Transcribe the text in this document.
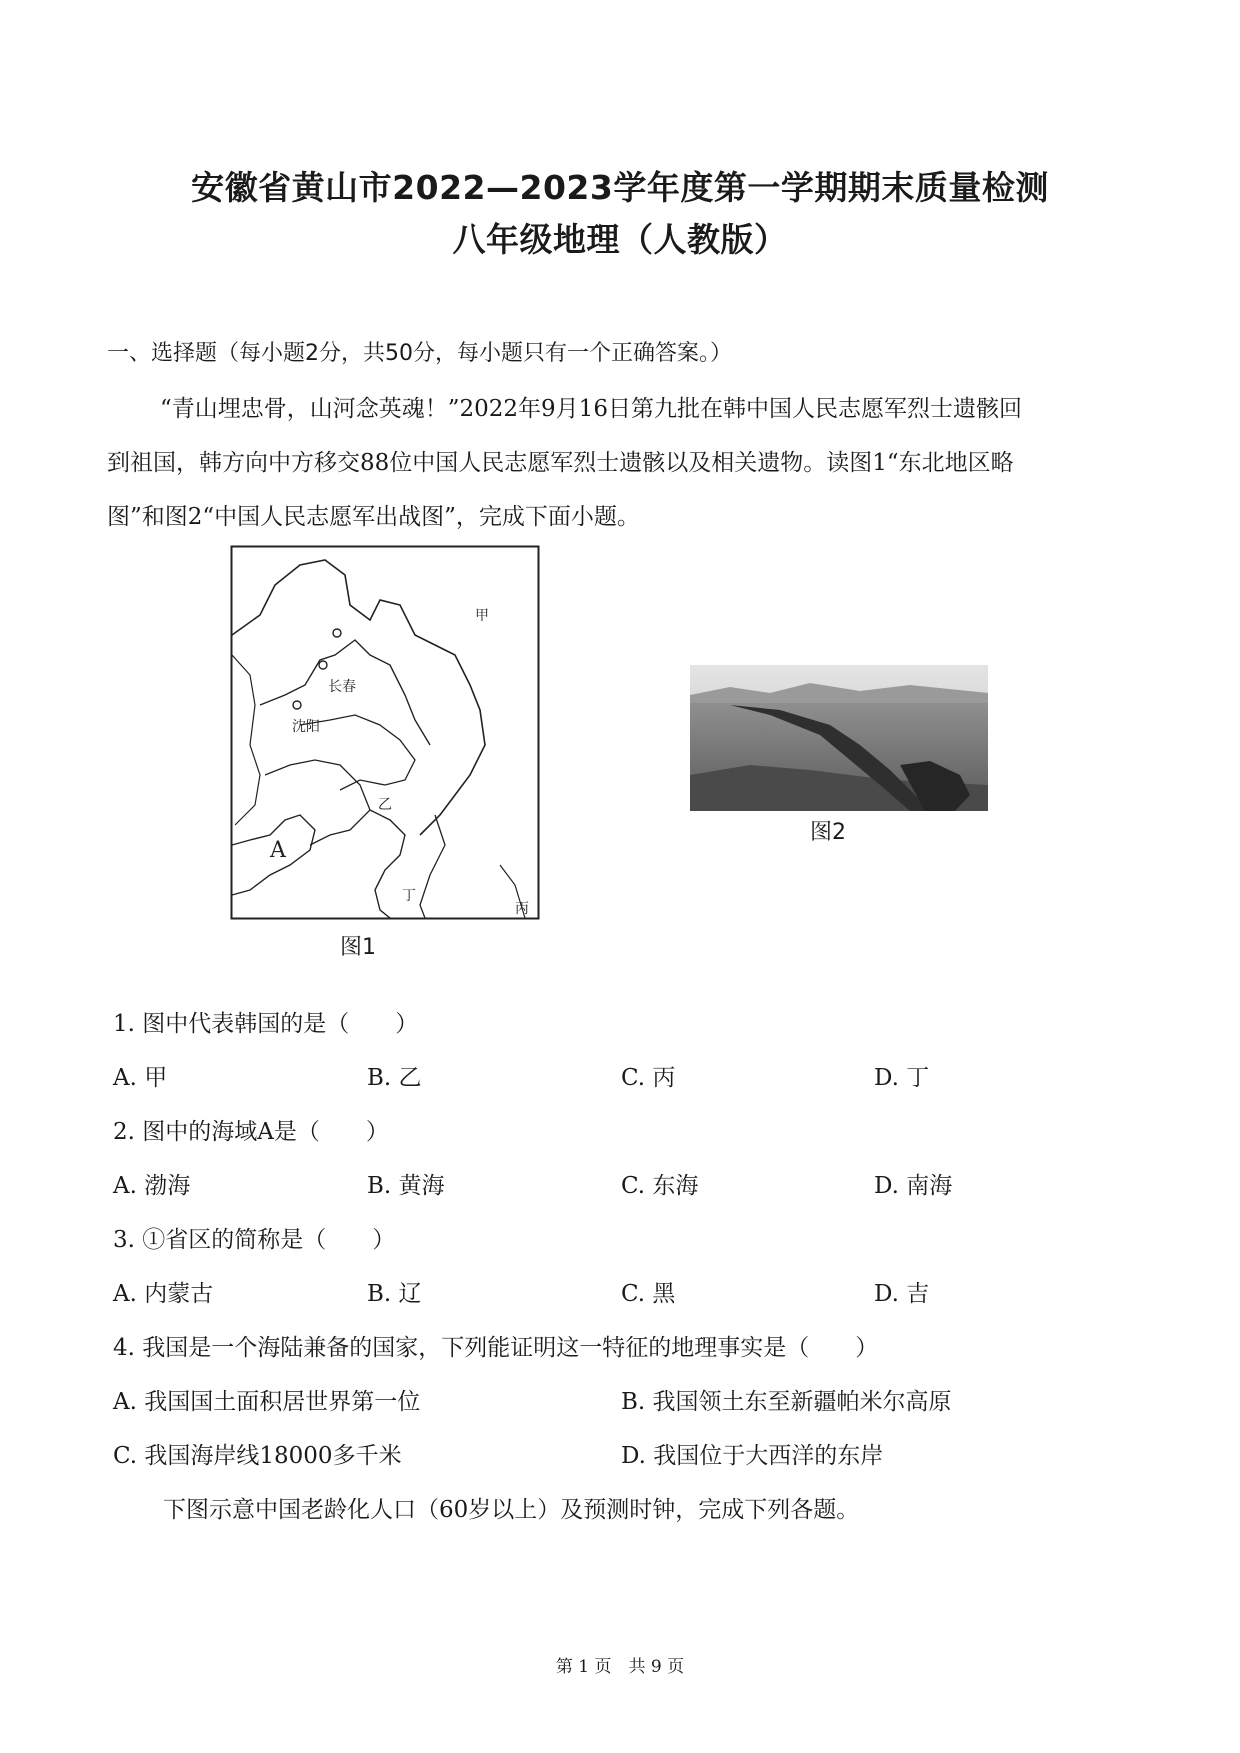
安徽省黄山市2022—2023学年度第一学期期末质量检测
八年级地理（人教版）
一、选择题（每小题2分，共50分，每小题只有一个正确答案。）
“青山埋忠骨，山河念英魂！”2022年9月16日第九批在韩中国人民志愿军烈士遗骸回
到祖国，韩方向中方移交88位中国人民志愿军烈士遗骸以及相关遗物。读图1“东北地区略
图”和图2“中国人民志愿军出战图”，完成下面小题。
甲
长春
沈阳
乙
A
丁
丙
图1
图2
1. 图中代表韩国的是（　　）
A. 甲	B. 乙	C. 丙	D. 丁
2. 图中的海域A是（　　）
A. 渤海	B. 黄海	C. 东海	D. 南海
3. ①省区的简称是（　　）
A. 内蒙古	B. 辽	C. 黑	D. 吉
4. 我国是一个海陆兼备的国家，下列能证明这一特征的地理事实是（　　）
A. 我国国土面积居世界第一位	B. 我国领土东至新疆帕米尔高原
C. 我国海岸线18000多千米	D. 我国位于大西洋的东岸
下图示意中国老龄化人口（60岁以上）及预测时钟，完成下列各题。
第 1 页　共 9 页
